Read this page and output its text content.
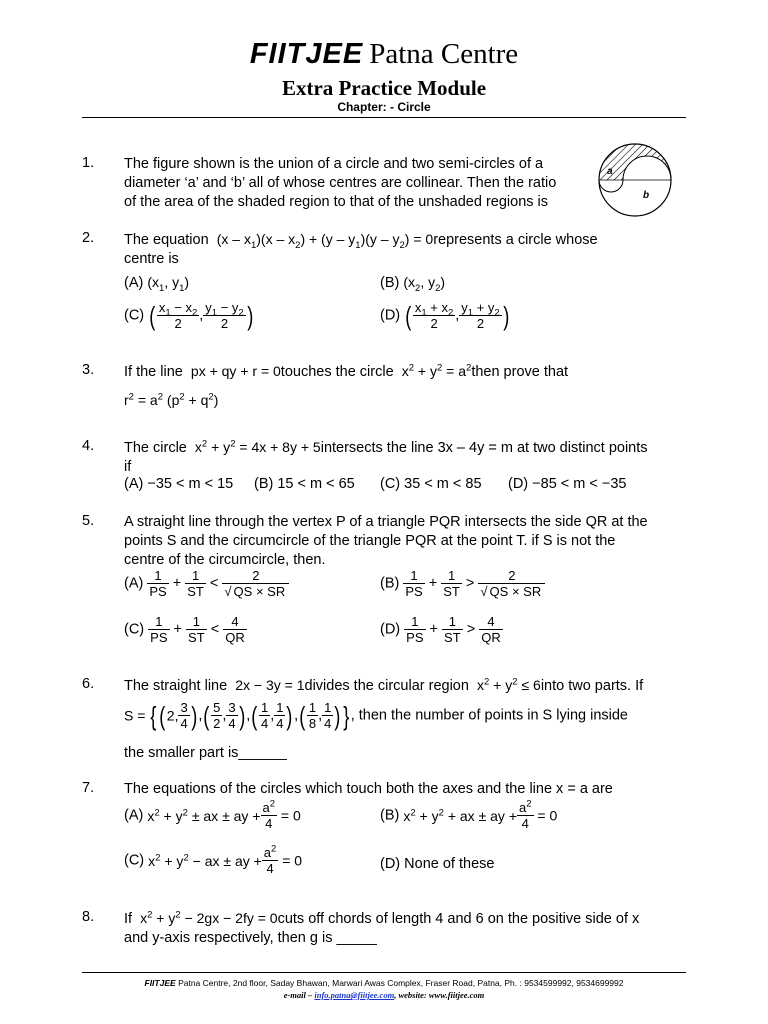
FIITJEE Patna Centre
Extra Practice Module
Chapter: - Circle
1. The figure shown is the union of a circle and two semi-circles of a
diameter ‘a’ and ‘b’ all of whose centres are collinear. Then the ratio
of the area of the shaded region to that of the unshaded regions is
a
b
2. The equation $(x - x_1)(x - x_2) + (y - y_1)(y - y_2)$ = 0represents a circle whose
centre is
(A) ($x_1$, $y_1$)	(B) ($x_2$, $y_2$)
(C) ( $\frac{x_1 - x_2}{2}$ , $\frac{y_1 - y_2}{2}$ )	(D) ( $\frac{x_1 + x_2}{2}$ , $\frac{y_1 + y_2}{2}$ )
3. If the line px + qy + r = 0touches the circle $x^2 + y^2$ = $a^2then$ prove that
$r^2 = a^2$ $(p^2 + q^2)$
4. The circle $x^2 + y^2 = 4x + 8y$ + 5intersects the line 3x – 4y = m at two distinct points
if
(A) −35 < m < 15 (B) 15 < m < 65 (C) 35 < m < 85 (D) −85 < m < −35
5. A straight line through the vertex P of a triangle PQR intersects the side QR at the
points S and the circumcircle of the triangle PQR at the point T. if S is not the
centre of the circumcircle, then.
$(A) \frac{1}{PS} + \frac{1}{ST} < \frac{2}{√ QS \times SR}$	$(B) \frac{1}{PS} + \frac{1}{ST} > \frac{2}{√ QS \times SR}$
$(C) \frac{1}{PS} + \frac{1}{ST} < \frac{4}{QR}$	$(D) \frac{1}{PS} + \frac{1}{ST} > \frac{4}{QR}$
6. The straight line 2x − 3y = 1divides the circular region $x^2 + y^2$ ≤ 6into two parts. If
S = { (2, $\frac{3}{4}$ ),( $\frac{5}{2}$ , $\frac{3}{4}$ ),( $\frac{1}{4}$ , $\frac{1}{4}$ ),( $\frac{1}{8}$ , $\frac{1}{4}$ ) }, then the number of points in S lying inside
the smaller part is______
7. The equations of the circles which touch both the axes and the line x = a are
(A) $x^2 + y^2$ ± ax ± ay + $\frac{a^2}{4} = 0$	(B) $x^2 + y^2$ + ax ± ay + $\frac{a^2}{4} = 0$
(C) $x^2 + y^2$ − ax ± ay + $\frac{a^2}{4} = 0$	(D) None of these
8. If $x^2 + y^2 - 2gx - 2fy$ = 0cuts off chords of length 4 and 6 on the positive side of x
and y-axis respectively, then g is _____
FIITJEE Patna Centre, 2nd floor, Saday Bhawan, Marwari Awas Complex, Fraser Road, Patna, Ph. : 9534599992, 9534699992
e-mail – info.patna@fiitjee.com, website: www.fiitjee.com
